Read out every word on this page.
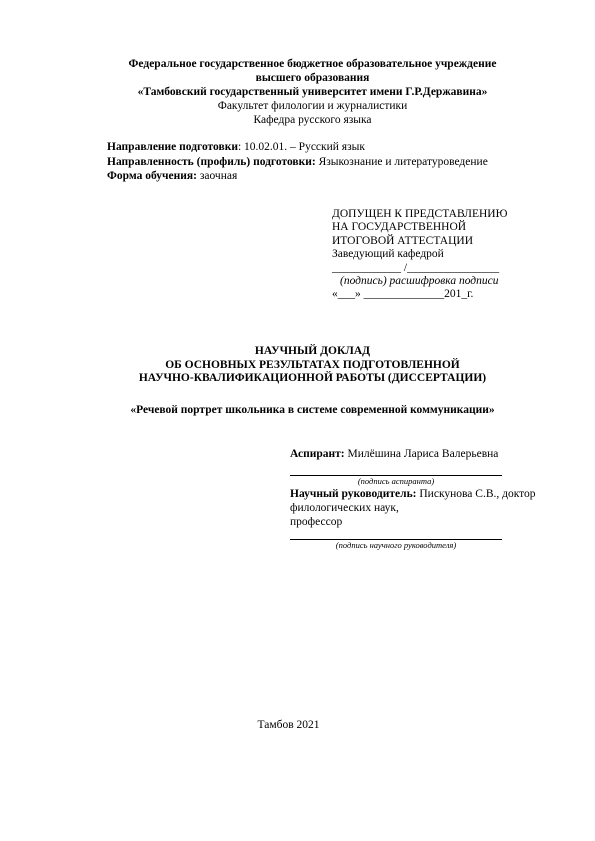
Федеральное государственное бюджетное образовательное учреждение
высшего образования
«Тамбовский государственный университет имени Г.Р.Державина»
Факультет филологии и журналистики
Кафедра русского языка
Направление подготовки: 10.02.01. – Русский язык
Направленность (профиль) подготовки: Языкознание и литературоведение
Форма обучения: заочная
ДОПУЩЕН К ПРЕДСТАВЛЕНИЮ
НА ГОСУДАРСТВЕННОЙ
ИТОГОВОЙ АТТЕСТАЦИИ
Заведующий кафедрой
____________ /________________
(подпись) расшифровка подписи
«___» ______________201_г.
НАУЧНЫЙ ДОКЛАД
ОБ ОСНОВНЫХ РЕЗУЛЬТАТАХ ПОДГОТОВЛЕННОЙ
НАУЧНО-КВАЛИФИКАЦИОННОЙ РАБОТЫ (ДИССЕРТАЦИИ)
«Речевой портрет школьника в системе современной коммуникации»
Аспирант: Милёшина Лариса Валерьевна
(подпись аспиранта)
Научный руководитель: Пискунова С.В., доктор
филологических наук,
профессор
(подпись научного руководителя)
Тамбов 2021
